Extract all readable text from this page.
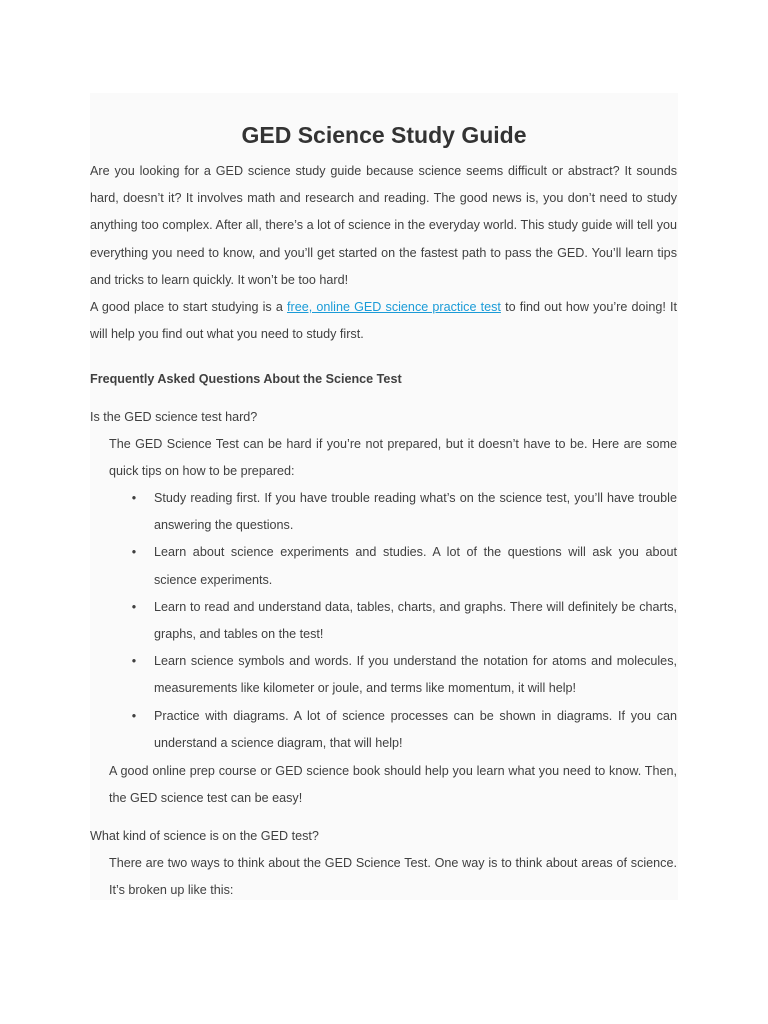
GED Science Study Guide

Are you looking for a GED science study guide because science seems difficult or abstract? It sounds hard, doesn’t it? It involves math and research and reading. The good news is, you don’t need to study anything too complex. After all, there’s a lot of science in the everyday world. This study guide will tell you everything you need to know, and you’ll get started on the fastest path to pass the GED. You’ll learn tips and tricks to learn quickly. It won’t be too hard!

A good place to start studying is a free, online GED science practice test to find out how you’re doing! It will help you find out what you need to study first.

Frequently Asked Questions About the Science Test

Is the GED science test hard?

The GED Science Test can be hard if you’re not prepared, but it doesn’t have to be. Here are some quick tips on how to be prepared:

• Study reading first. If you have trouble reading what’s on the science test, you’ll have trouble answering the questions.
• Learn about science experiments and studies. A lot of the questions will ask you about science experiments.
• Learn to read and understand data, tables, charts, and graphs. There will definitely be charts, graphs, and tables on the test!
• Learn science symbols and words. If you understand the notation for atoms and molecules, measurements like kilometer or joule, and terms like momentum, it will help!
• Practice with diagrams. A lot of science processes can be shown in diagrams. If you can understand a science diagram, that will help!

A good online prep course or GED science book should help you learn what you need to know. Then, the GED science test can be easy!

What kind of science is on the GED test?

There are two ways to think about the GED Science Test. One way is to think about areas of science. It’s broken up like this:
